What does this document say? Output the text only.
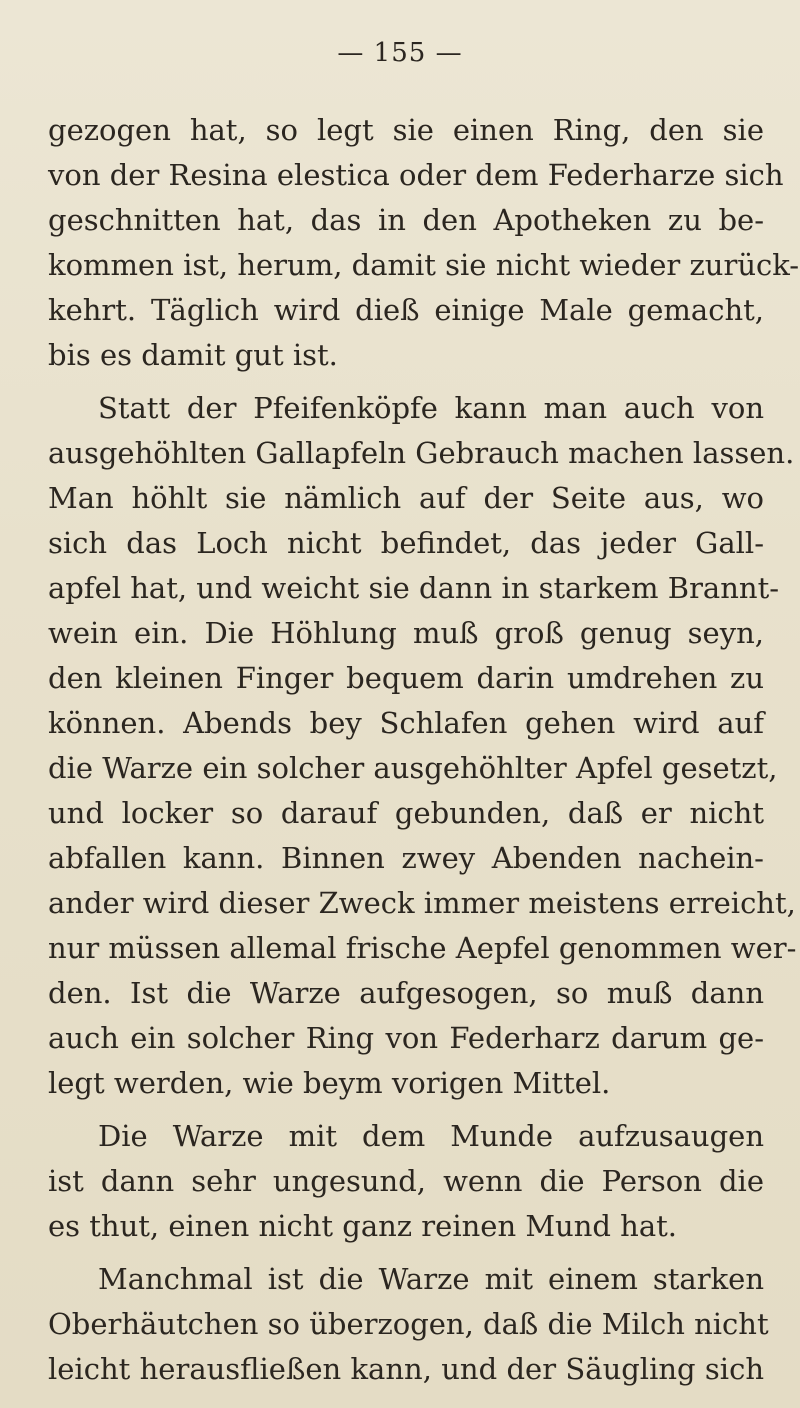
— 155 —

gezogen hat, so legt sie einen Ring, den sie
von der Resina elestica oder dem Federharze sich
geschnitten hat, das in den Apotheken zu be-
kommen ist, herum, damit sie nicht wieder zurück-
kehrt. Täglich wird dieß einige Male gemacht,
bis es damit gut ist.

Statt der Pfeifenköpfe kann man auch von
ausgehöhlten Gallapfeln Gebrauch machen lassen.
Man höhlt sie nämlich auf der Seite aus, wo
sich das Loch nicht befindet, das jeder Gall-
apfel hat, und weicht sie dann in starkem Brannt-
wein ein. Die Höhlung muß groß genug seyn,
den kleinen Finger bequem darin umdrehen zu
können. Abends bey Schlafen gehen wird auf
die Warze ein solcher ausgehöhlter Apfel gesetzt,
und locker so darauf gebunden, daß er nicht
abfallen kann. Binnen zwey Abenden nachein-
ander wird dieser Zweck immer meistens erreicht,
nur müssen allemal frische Aepfel genommen wer-
den. Ist die Warze aufgesogen, so muß dann
auch ein solcher Ring von Federharz darum ge-
legt werden, wie beym vorigen Mittel.

Die Warze mit dem Munde aufzusaugen
ist dann sehr ungesund, wenn die Person die
es thut, einen nicht ganz reinen Mund hat.

Manchmal ist die Warze mit einem starken
Oberhäutchen so überzogen, daß die Milch nicht
leicht herausfließen kann, und der Säugling sich
